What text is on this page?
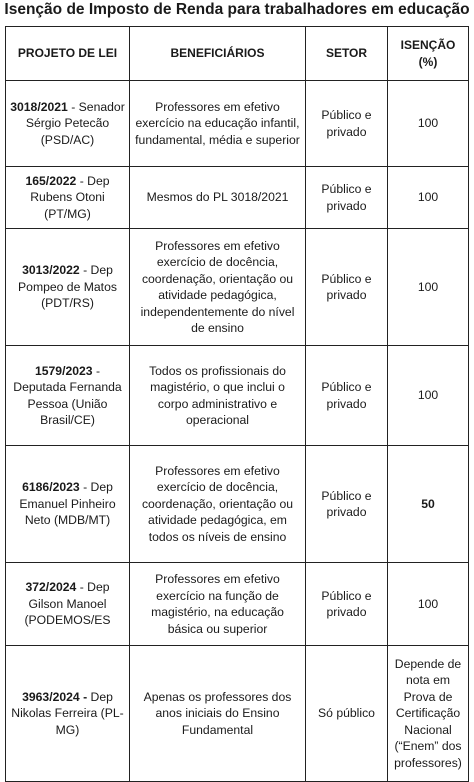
Isenção de Imposto de Renda para trabalhadores em educação
PROJETO DE LEI	BENEFICIÁRIOS	SETOR	ISENÇÃO (%)
3018/2021 - Senador Sérgio Petecão (PSD/AC)	Professores em efetivo exercício na educação infantil, fundamental, média e superior	Público e privado	100
165/2022 - Dep Rubens Otoni (PT/MG)	Mesmos do PL 3018/2021	Público e privado	100
3013/2022 - Dep Pompeo de Matos (PDT/RS)	Professores em efetivo exercício de docência, coordenação, orientação ou atividade pedagógica, independentemente do nível de ensino	Público e privado	100
1579/2023 - Deputada Fernanda Pessoa (União Brasil/CE)	Todos os profissionais do magistério, o que inclui o corpo administrativo e operacional	Público e privado	100
6186/2023 - Dep Emanuel Pinheiro Neto (MDB/MT)	Professores em efetivo exercício de docência, coordenação, orientação ou atividade pedagógica, em todos os níveis de ensino	Público e privado	50
372/2024 - Dep Gilson Manoel (PODEMOS/ES	Professores em efetivo exercício na função de magistério, na educação básica ou superior	Público e privado	100
3963/2024 - Dep Nikolas Ferreira (PL-MG)	Apenas os professores dos anos iniciais do Ensino Fundamental	Só público	Depende de nota em Prova de Certificação Nacional (“Enem” dos professores)
